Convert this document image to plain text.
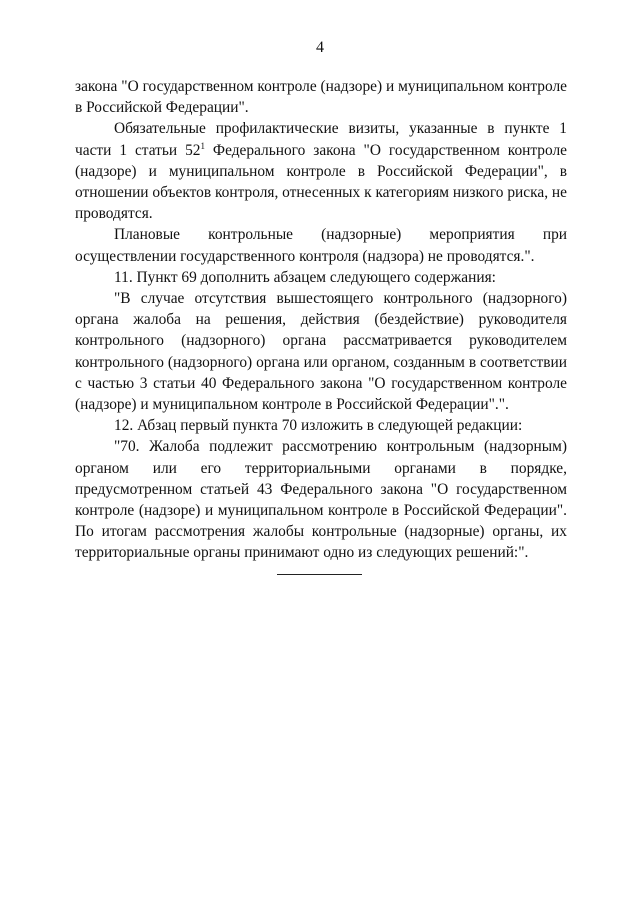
4

закона "О государственном контроле (надзоре) и муниципальном контроле в Российской Федерации".

Обязательные профилактические визиты, указанные в пункте 1 части 1 статьи $52^1$ Федерального закона "О государственном контроле (надзоре) и муниципальном контроле в Российской Федерации", в отношении объектов контроля, отнесенных к категориям низкого риска, не проводятся.

Плановые контрольные (надзорные) мероприятия при осуществлении государственного контроля (надзора) не проводятся.".

11. Пункт 69 дополнить абзацем следующего содержания:

"В случае отсутствия вышестоящего контрольного (надзорного) органа жалоба на решения, действия (бездействие) руководителя контрольного (надзорного) органа рассматривается руководителем контрольного (надзорного) органа или органом, созданным в соответствии с частью 3 статьи 40 Федерального закона "О государственном контроле (надзоре) и муниципальном контроле в Российской Федерации".".

12. Абзац первый пункта 70 изложить в следующей редакции:

"70. Жалоба подлежит рассмотрению контрольным (надзорным) органом или его территориальными органами в порядке, предусмотренном статьей 43 Федерального закона "О государственном контроле (надзоре) и муниципальном контроле в Российской Федерации". По итогам рассмотрения жалобы контрольные (надзорные) органы, их территориальные органы принимают одно из следующих решений:".
